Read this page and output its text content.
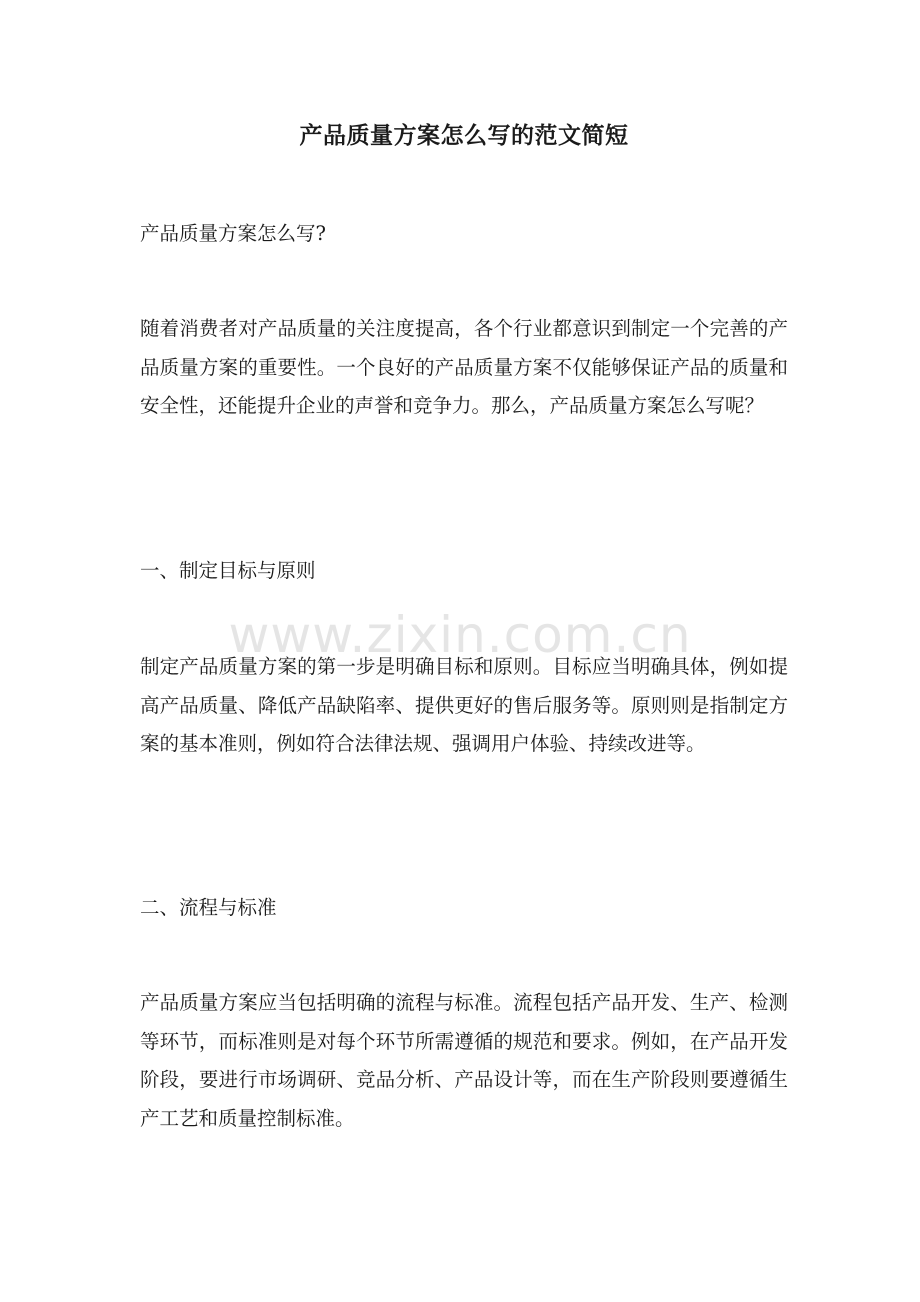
产品质量方案怎么写的范文简短

产品质量方案怎么写?

随着消费者对产品质量的关注度提高，各个行业都意识到制定一个完善的产品质量方案的重要性。一个良好的产品质量方案不仅能够保证产品的质量和安全性，还能提升企业的声誉和竞争力。那么，产品质量方案怎么写呢？

一、制定目标与原则

制定产品质量方案的第一步是明确目标和原则。目标应当明确具体，例如提高产品质量、降低产品缺陷率、提供更好的售后服务等。原则则是指制定方案的基本准则，例如符合法律法规、强调用户体验、持续改进等。

二、流程与标准

产品质量方案应当包括明确的流程与标准。流程包括产品开发、生产、检测等环节，而标准则是对每个环节所需遵循的规范和要求。例如，在产品开发阶段，要进行市场调研、竞品分析、产品设计等，而在生产阶段则要遵循生产工艺和质量控制标准。

www.zixin.com.cn
